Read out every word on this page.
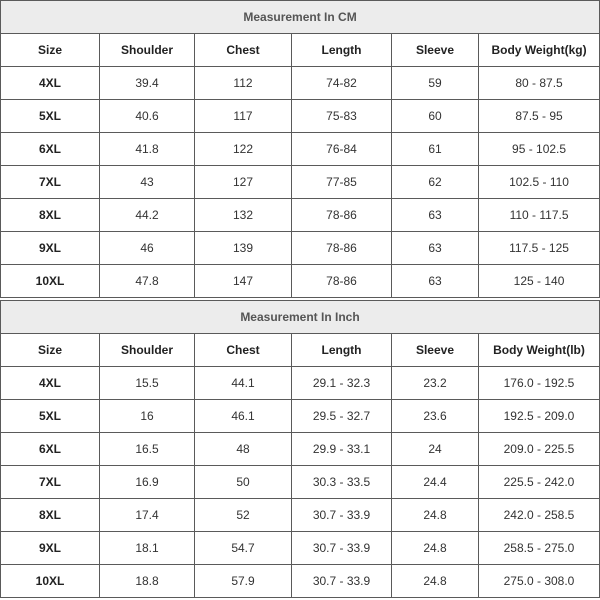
Measurement In CM					
Size	Shoulder	Chest	Length	Sleeve	Body Weight(kg)
4XL	39.4	112	74-82	59	80 - 87.5
5XL	40.6	117	75-83	60	87.5 - 95
6XL	41.8	122	76-84	61	95 - 102.5
7XL	43	127	77-85	62	102.5 - 110
8XL	44.2	132	78-86	63	110 - 117.5
9XL	46	139	78-86	63	117.5 - 125
10XL	47.8	147	78-86	63	125 - 140
Measurement In Inch					
Size	Shoulder	Chest	Length	Sleeve	Body Weight(lb)
4XL	15.5	44.1	29.1 - 32.3	23.2	176.0 - 192.5
5XL	16	46.1	29.5 - 32.7	23.6	192.5 - 209.0
6XL	16.5	48	29.9 - 33.1	24	209.0 - 225.5
7XL	16.9	50	30.3 - 33.5	24.4	225.5 - 242.0
8XL	17.4	52	30.7 - 33.9	24.8	242.0 - 258.5
9XL	18.1	54.7	30.7 - 33.9	24.8	258.5 - 275.0
10XL	18.8	57.9	30.7 - 33.9	24.8	275.0 - 308.0
